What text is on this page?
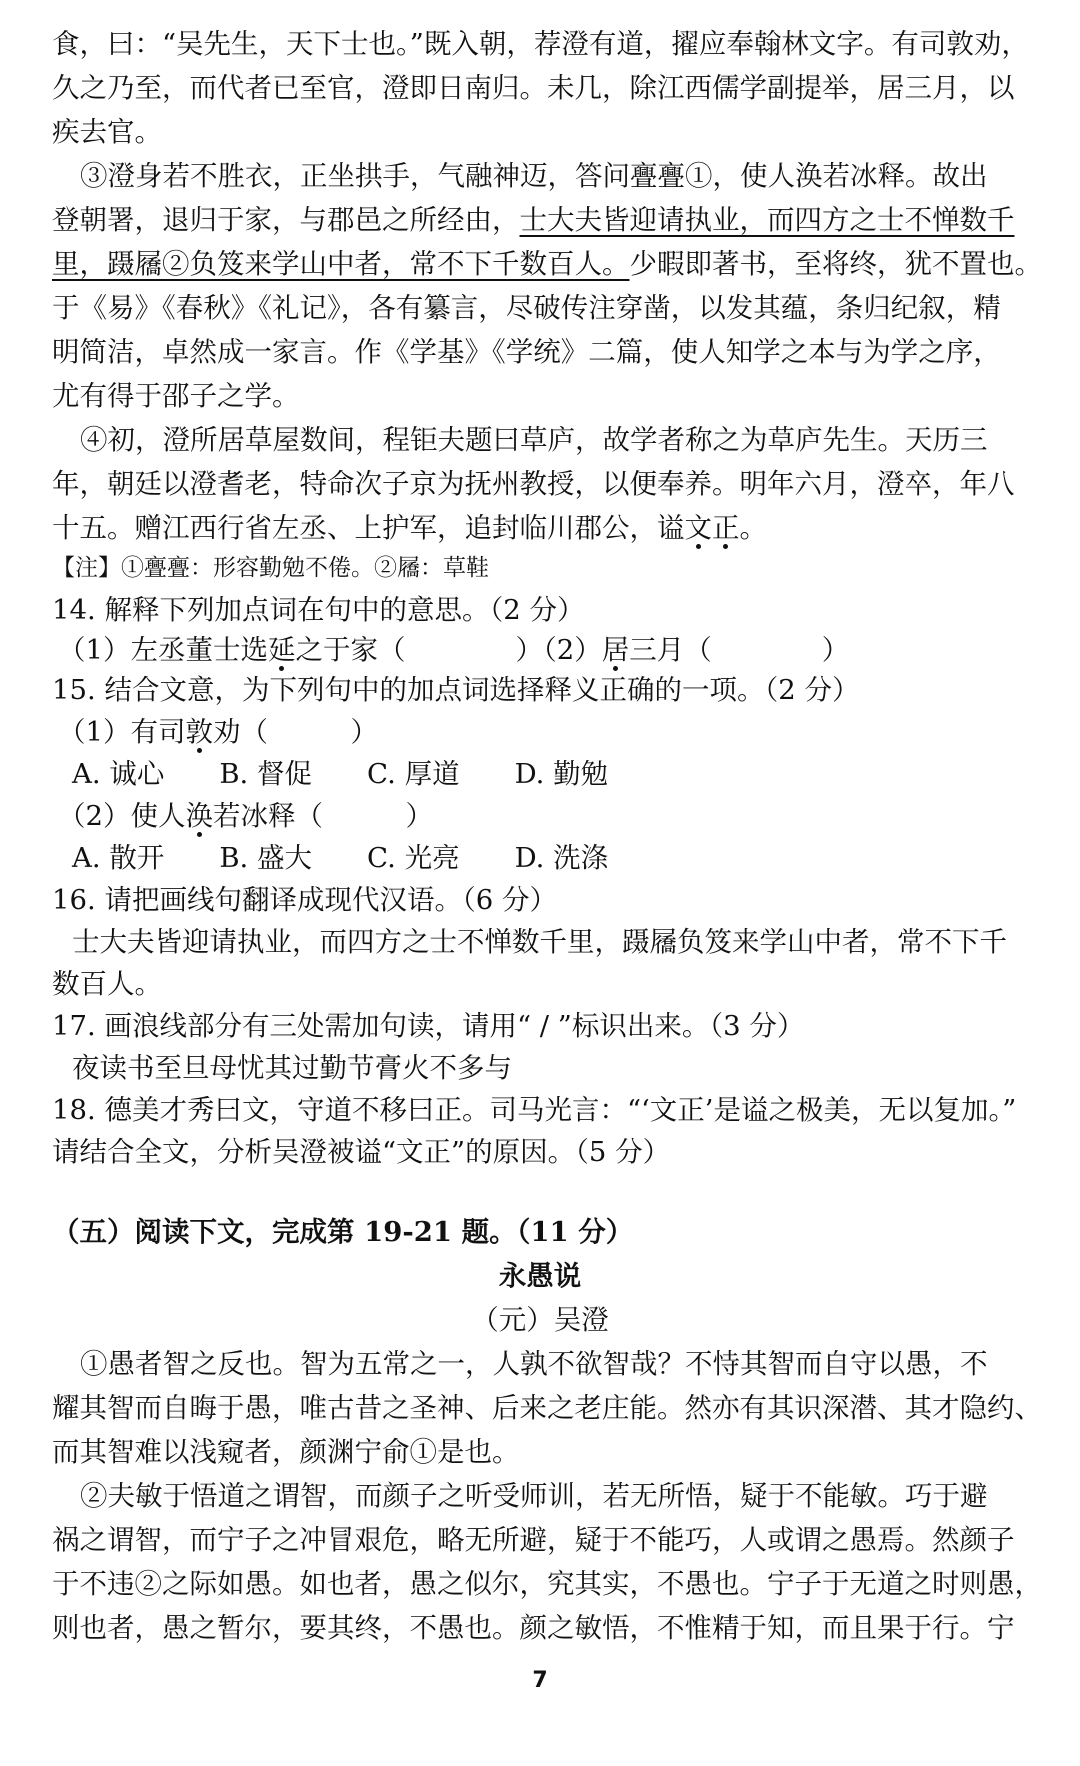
食，曰：“吴先生，天下士也。”既入朝，荐澄有道，擢应奉翰林文字。有司敦劝，
久之乃至，而代者已至官，澄即日南归。未几，除江西儒学副提举，居三月，以
疾去官。
③澄身若不胜衣，正坐拱手，气融神迈，答问亹亹①，使人涣若冰释。故出
登朝署，退归于家，与郡邑之所经由，士大夫皆迎请执业，而四方之士不惮数千
里，蹑屩②负笈来学山中者，常不下千数百人。少暇即著书，至将终，犹不置也。
于《易》《春秋》《礼记》，各有纂言，尽破传注穿凿，以发其蕴，条归纪叙，精
明简洁，卓然成一家言。作《学基》《学统》二篇，使人知学之本与为学之序，
尤有得于邵子之学。
④初，澄所居草屋数间，程钜夫题曰草庐，故学者称之为草庐先生。天历三
年，朝廷以澄耆老，特命次子京为抚州教授，以便奉养。明年六月，澄卒，年八
十五。赠江西行省左丞、上护军，追封临川郡公，谥文正。
【注】①亹亹：形容勤勉不倦。②屩：草鞋
14. 解释下列加点词在句中的意思。（2 分）
（1）左丞董士选延之于家（　　　　）（2）居三月（　　　　）
15. 结合文意，为下列句中的加点词选择释义正确的一项。（2 分）
（1）有司敦劝（　　　）
A. 诚心　　B. 督促　　C. 厚道　　D. 勤勉
（2）使人涣若冰释（　　　）
A. 散开　　B. 盛大　　C. 光亮　　D. 洗涤
16. 请把画线句翻译成现代汉语。（6 分）
士大夫皆迎请执业，而四方之士不惮数千里，蹑屩负笈来学山中者，常不下千
数百人。
17. 画浪线部分有三处需加句读，请用“ / ”标识出来。（3 分）
夜读书至旦母忧其过勤节膏火不多与
18. 德美才秀曰文，守道不移曰正。司马光言：“‘文正’是谥之极美，无以复加。”
请结合全文，分析吴澄被谥“文正”的原因。（5 分）
（五）阅读下文，完成第 19-21 题。（11 分）
永愚说
（元）吴澄
①愚者智之反也。智为五常之一，人孰不欲智哉？不恃其智而自守以愚，不
耀其智而自晦于愚，唯古昔之圣神、后来之老庄能。然亦有其识深潜、其才隐约、
而其智难以浅窥者，颜渊宁俞①是也。
②夫敏于悟道之谓智，而颜子之听受师训，若无所悟，疑于不能敏。巧于避
祸之谓智，而宁子之冲冒艰危，略无所避，疑于不能巧，人或谓之愚焉。然颜子
于不违②之际如愚。如也者，愚之似尔，究其实，不愚也。宁子于无道之时则愚，
则也者，愚之暂尔，要其终，不愚也。颜之敏悟，不惟精于知，而且果于行。宁
7
